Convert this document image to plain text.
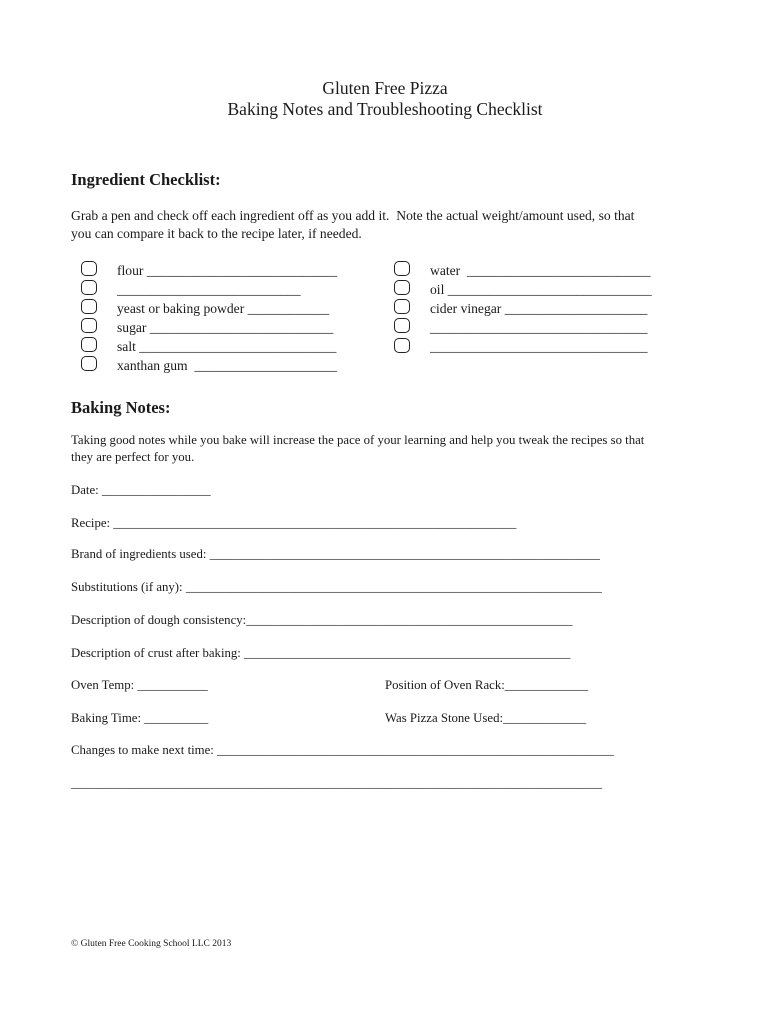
Gluten Free Pizza
Baking Notes and Troubleshooting Checklist
Ingredient Checklist:
Grab a pen and check off each ingredient off as you add it.  Note the actual weight/amount used, so that
you can compare it back to the recipe later, if needed.
flour ____________________________
___________________________
yeast or baking powder ____________
sugar ___________________________
salt _____________________________
xanthan gum  _____________________
water  ___________________________
oil ______________________________
cider vinegar _____________________
________________________________
________________________________
Baking Notes:
Taking good notes while you bake will increase the pace of your learning and help you tweak the recipes so that
they are perfect for you.
Date: _________________
Recipe: _______________________________________________________________
Brand of ingredients used: _____________________________________________________________
Substitutions (if any): _________________________________________________________________
Description of dough consistency:___________________________________________________
Description of crust after baking: ___________________________________________________
Oven Temp: ___________	Position of Oven Rack:_____________
Baking Time: __________	Was Pizza Stone Used:_____________
Changes to make next time: ______________________________________________________________
___________________________________________________________________________________
© Gluten Free Cooking School LLC 2013
